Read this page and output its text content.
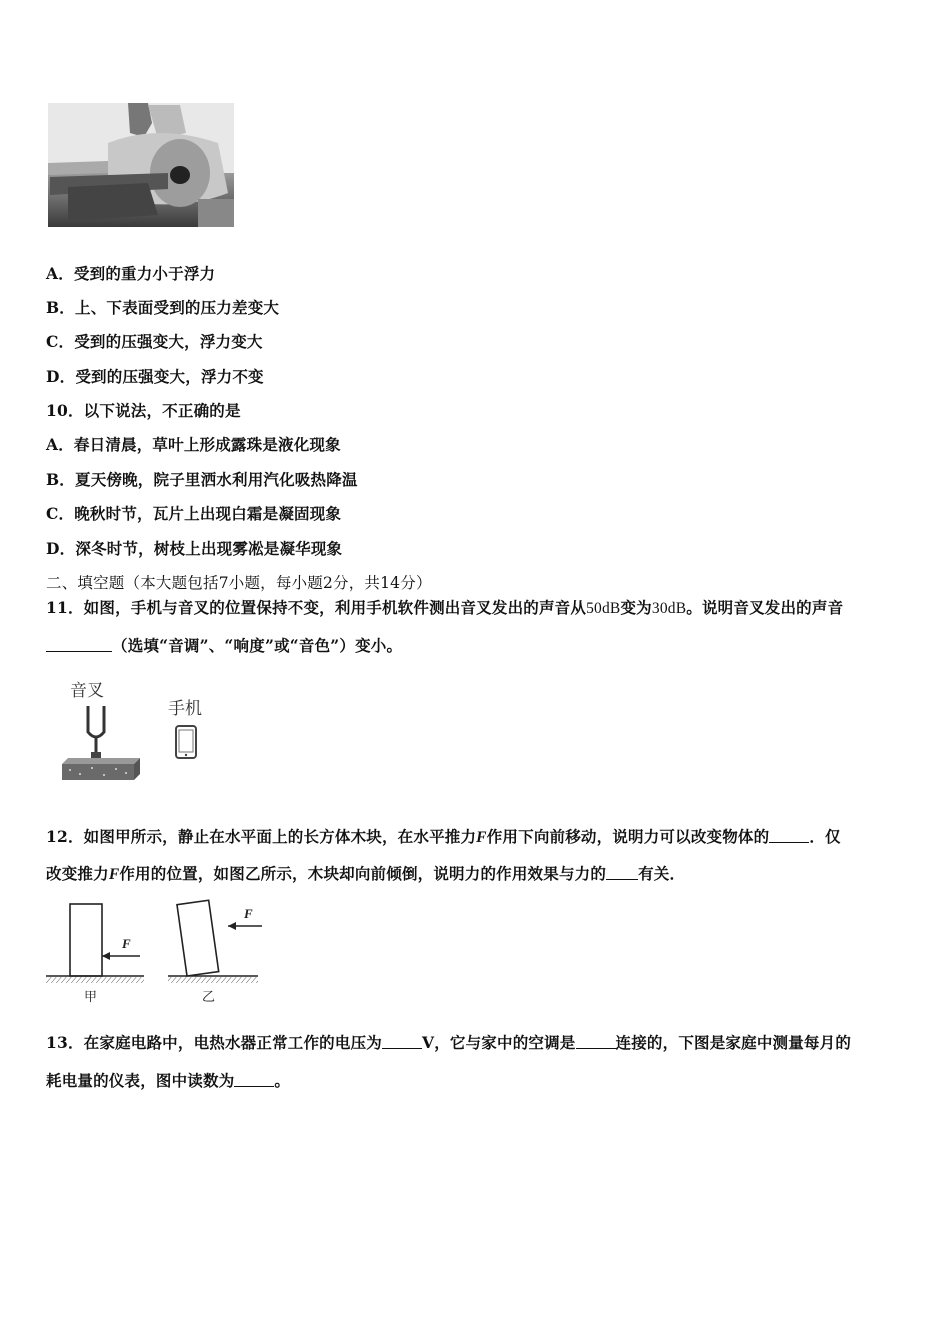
A．受到的重力小于浮力
B．上、下表面受到的压力差变大
C．受到的压强变大，浮力变大
D．受到的压强变大，浮力不变
10．以下说法，不正确的是
A．春日清晨，草叶上形成露珠是液化现象
B．夏天傍晚，院子里洒水利用汽化吸热降温
C．晚秋时节，瓦片上出现白霜是凝固现象
D．深冬时节，树枝上出现雾凇是凝华现象
二、填空题（本大题包括7小题，每小题2分，共14分）
11．如图，手机与音叉的位置保持不变，利用手机软件测出音叉发出的声音从50dB变为30dB。说明音叉发出的声音
（选填“音调”、“响度”或“音色”）变小。
音叉
手机
12．如图甲所示，静止在水平面上的长方体木块，在水平推力F作用下向前移动，说明力可以改变物体的	．仅
改变推力F作用的位置，如图乙所示，木块却向前倾倒，说明力的作用效果与力的 有关．
F
甲
F
乙
13．在家庭电路中，电热水器正常工作的电压为	V，它与家中的空调是	连接的，下图是家庭中测量每月的
耗电量的仪表，图中读数为	。
